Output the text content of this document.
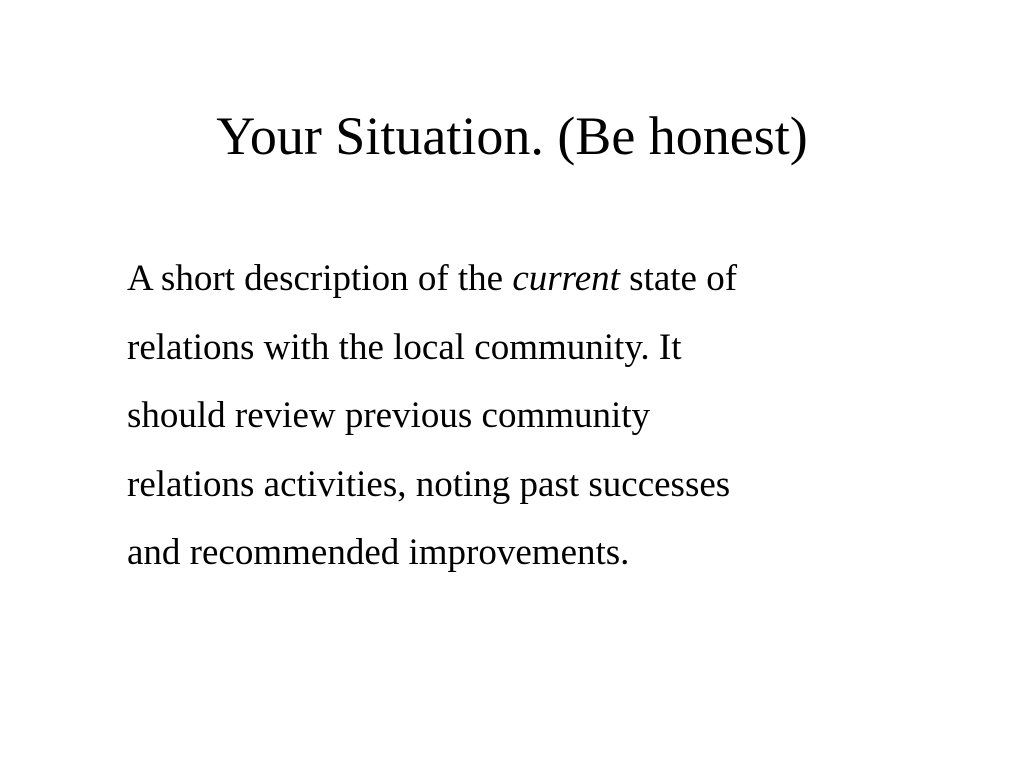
Your Situation. (Be honest)
A short description of the current state of
relations with the local community. It
should review previous community
relations activities, noting past successes
and recommended improvements.
